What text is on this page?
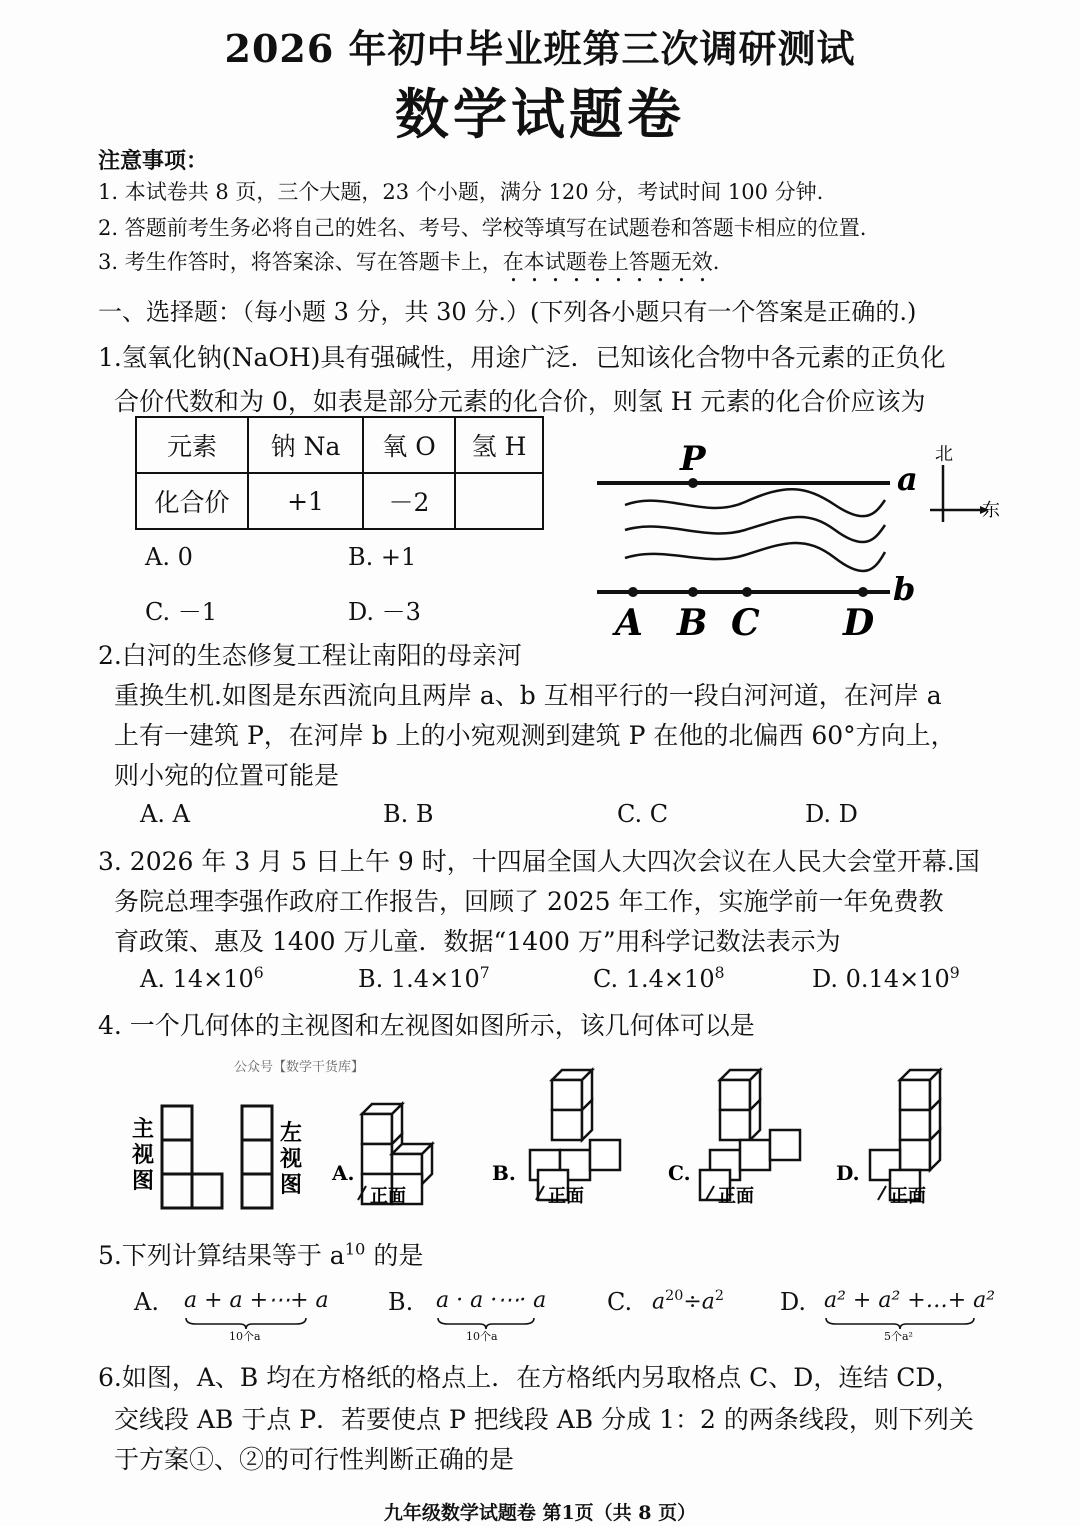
2026 年初中毕业班第三次调研测试
数学试题卷
注意事项：
1. 本试卷共 8 页，三个大题，23 个小题，满分 120 分，考试时间 100 分钟.
2. 答题前考生务必将自己的姓名、考号、学校等填写在试题卷和答题卡相应的位置.
3. 考生作答时，将答案涂、写在答题卡上，在本试题卷上答题无效.
一、选择题：（每小题 3 分，共 30 分.）(下列各小题只有一个答案是正确的.)
1.氢氧化钠(NaOH)具有强碱性，用途广泛．已知该化合物中各元素的正负化
合价代数和为 0，如表是部分元素的化合价，则氢 H 元素的化合价应该为
元素	钠 Na	氧 O	氢 H
化合价	+1	－2	
A. 0	B. +1
C. －1	D. －3
P	a
b
A B C D
北
东
2.白河的生态修复工程让南阳的母亲河
重换生机.如图是东西流向且两岸 a、b 互相平行的一段白河河道，在河岸 a
上有一建筑 P，在河岸 b 上的小宛观测到建筑 P 在他的北偏西 60°方向上，
则小宛的位置可能是
A. A	B. B	C. C	D. D
3. 2026 年 3 月 5 日上午 9 时，十四届全国人大四次会议在人民大会堂开幕.国
务院总理李强作政府工作报告，回顾了 2025 年工作，实施学前一年免费教
育政策、惠及 1400 万儿童．数据“1400 万”用科学记数法表示为
A. $14\times 10^6$	B. $1.4\times 10^7$	C. $1.4\times 10^8$	D. $0.14\times 10^9$
4. 一个几何体的主视图和左视图如图所示，该几何体可以是
公众号【数学干货库】
主
视
图
左
视
图 A.	B.	C.	D.
正面	正面	正面	正面
5.下列计算结果等于 $a^{10}$ 的是
A. a + a +⋯+ a
10个a
B. a · a ·⋯· a
10个a
C. $a^{20}\div a^2$ D. a² + a² +…+ a²
5个a²
6.如图，A、B 均在方格纸的格点上．在方格纸内另取格点 C、D，连结 CD，
交线段 AB 于点 P．若要使点 P 把线段 AB 分成 1：2 的两条线段，则下列关
于方案①、②的可行性判断正确的是
九年级数学试题卷 第1页（共 8 页）
